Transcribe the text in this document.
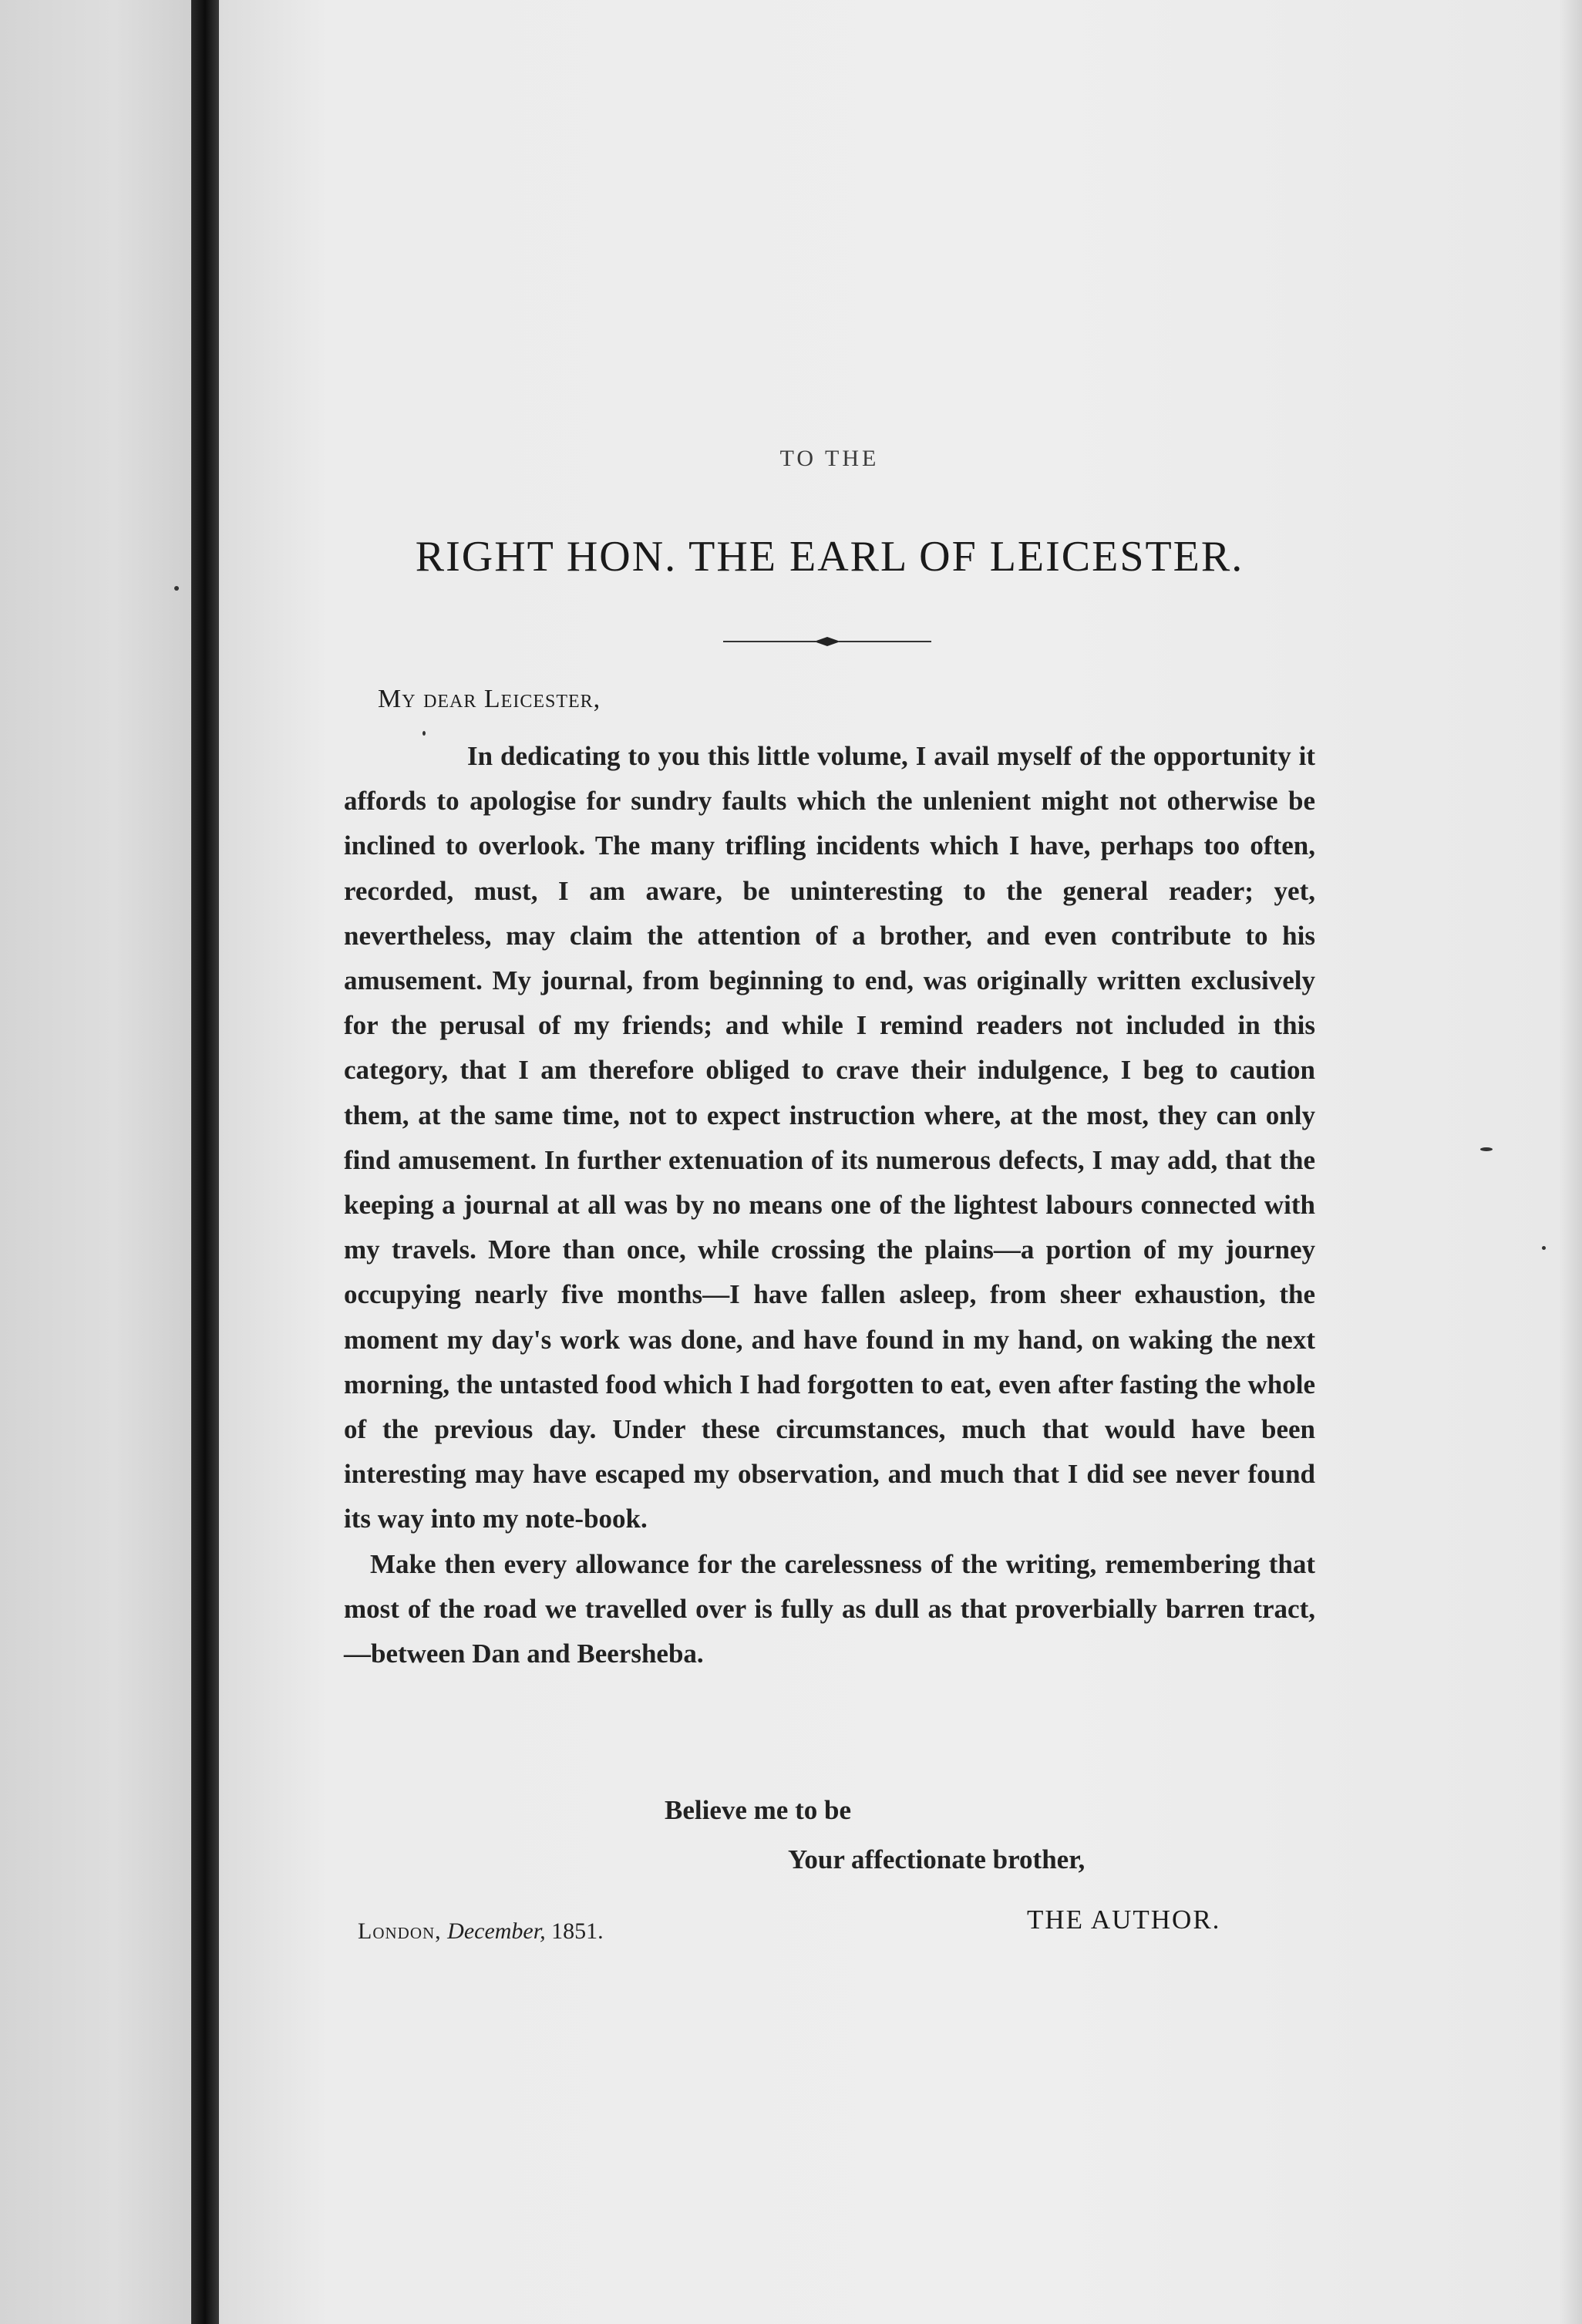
TO THE
RIGHT HON. THE EARL OF LEICESTER.
My dear Leicester,

In dedicating to you this little volume, I avail myself of the opportunity it affords to apologise for sundry faults which the unlenient might not otherwise be inclined to overlook. The many trifling incidents which I have, perhaps too often, recorded, must, I am aware, be uninteresting to the general reader; yet, nevertheless, may claim the attention of a brother, and even contribute to his amusement. My journal, from beginning to end, was originally written exclusively for the perusal of my friends; and while I remind readers not included in this category, that I am therefore obliged to crave their indulgence, I beg to caution them, at the same time, not to expect instruction where, at the most, they can only find amusement. In further extenuation of its numerous defects, I may add, that the keeping a journal at all was by no means one of the lightest labours connected with my travels. More than once, while crossing the plains—a portion of my journey occupying nearly five months—I have fallen asleep, from sheer exhaustion, the moment my day's work was done, and have found in my hand, on waking the next morning, the untasted food which I had forgotten to eat, even after fasting the whole of the previous day. Under these circumstances, much that would have been interesting may have escaped my observation, and much that I did see never found its way into my note-book.

Make then every allowance for the carelessness of the writing, remembering that most of the road we travelled over is fully as dull as that proverbially barren tract,—between Dan and Beersheba.

Believe me to be
Your affectionate brother,
London, December, 1851.	THE AUTHOR.
